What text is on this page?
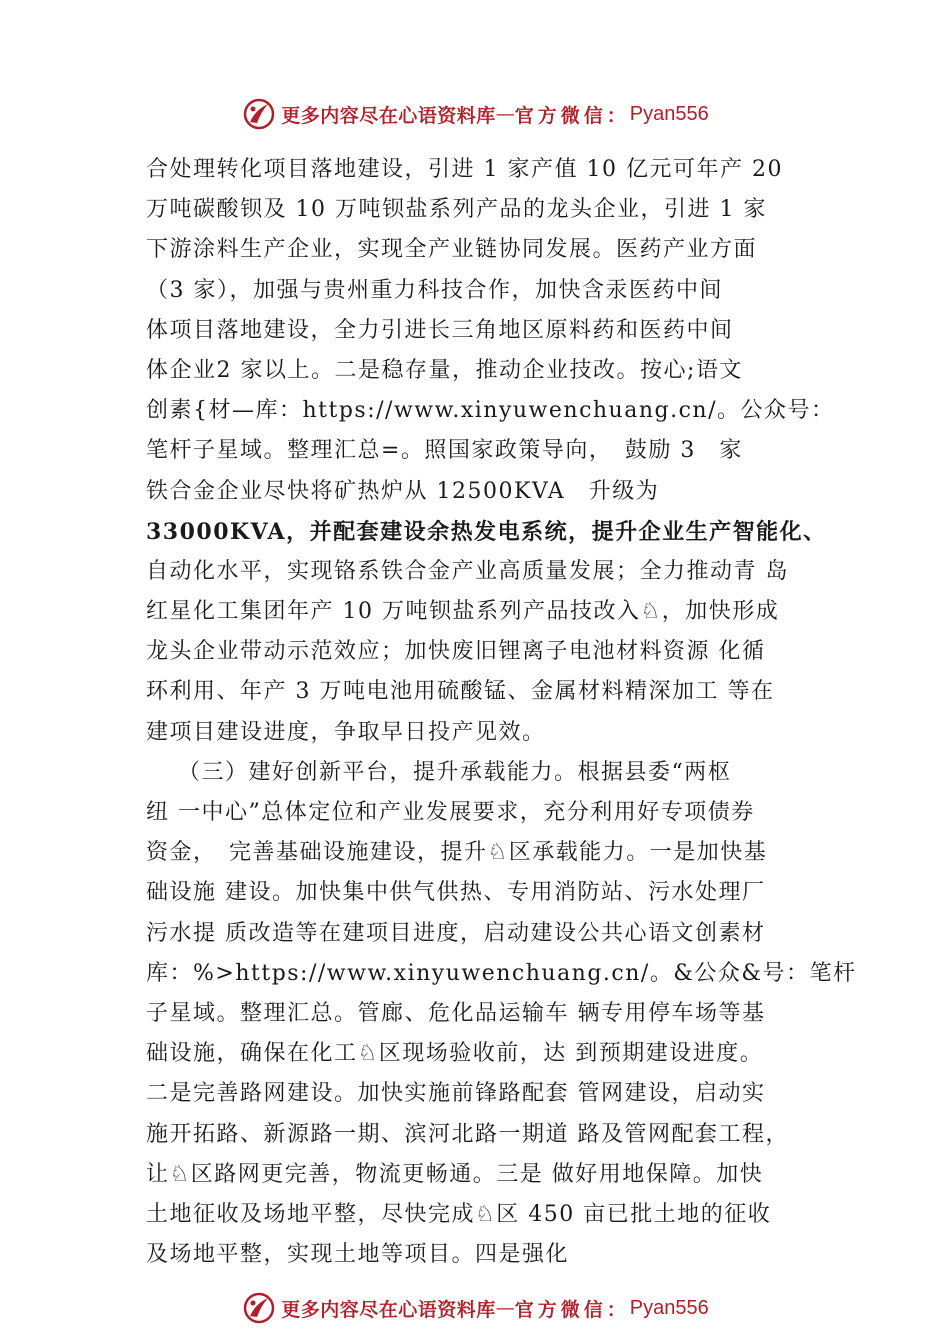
更多内容尽在心语资料库 — 官方微信： Pyan556
合处理转化项目落地建设，引进 1 家产值 10 亿元可年产 20
万吨碳酸钡及 10 万吨钡盐系列产品的龙头企业，引进 1 家
下游涂料生产企业，实现全产业链协同发展。医药产业方面
（3 家），加强与贵州重力科技合作，加快含汞医药中间
体项目落地建设，全力引进长三角地区原料药和医药中间
体企业2 家以上。二是稳存量，推动企业技改。按心;语文
创素{材—库：https://www.xinyuwenchuang.cn/。公众号：
笔杆子星域。整理汇总=。照国家政策导向，　鼓励 3　家
铁合金企业尽快将矿热炉从 12500KVA　升级为
33000KVA，并配套建设余热发电系统，提升企业生产智能化、
自动化水平，实现铬系铁合金产业高质量发展；全力推动青 岛
红星化工集团年产 10 万吨钡盐系列产品技改入♘，加快形成
龙头企业带动示范效应；加快废旧锂离子电池材料资源 化循
环利用、年产 3 万吨电池用硫酸锰、金属材料精深加工 等在
建项目建设进度，争取早日投产见效。
（三）建好创新平台，提升承载能力。根据县委“两枢
纽 一中心”总体定位和产业发展要求，充分利用好专项债券
资金，　完善基础设施建设，提升♘区承载能力。一是加快基
础设施 建设。加快集中供气供热、专用消防站、污水处理厂
污水提 质改造等在建项目进度，启动建设公共心语文创素材
库：%>https://www.xinyuwenchuang.cn/。&公众&号：笔杆
子星域。整理汇总。管廊、危化品运输车 辆专用停车场等基
础设施，确保在化工♘区现场验收前，达 到预期建设进度。
二是完善路网建设。加快实施前锋路配套 管网建设，启动实
施开拓路、新源路一期、滨河北路一期道 路及管网配套工程，
让♘区路网更完善，物流更畅通。三是 做好用地保障。加快
土地征收及场地平整，尽快完成♘区 450 亩已批土地的征收
及场地平整，实现土地等项目。四是强化
更多内容尽在心语资料库 — 官方微信： Pyan556
